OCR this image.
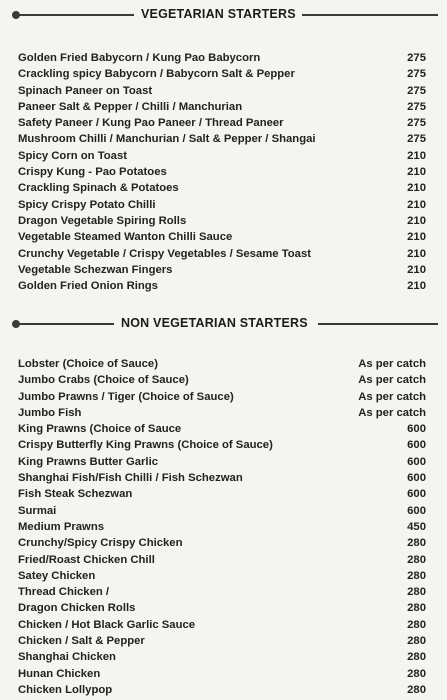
VEGETARIAN STARTERS
Golden Fried Babycorn / Kung Pao Babycorn	275
Crackling spicy Babycorn / Babycorn Salt & Pepper	275
Spinach Paneer on Toast	275
Paneer Salt & Pepper / Chilli / Manchurian	275
Safety Paneer / Kung Pao Paneer / Thread Paneer	275
Mushroom Chilli / Manchurian / Salt & Pepper / Shangai	275
Spicy Corn on Toast	210
Crispy Kung - Pao Potatoes	210
Crackling Spinach & Potatoes	210
Spicy Crispy Potato Chilli	210
Dragon Vegetable Spiring Rolls	210
Vegetable Steamed Wanton Chilli Sauce	210
Crunchy Vegetable / Crispy Vegetables / Sesame Toast	210
Vegetable Schezwan Fingers	210
Golden Fried Onion Rings	210
NON VEGETARIAN STARTERS
Lobster (Choice of Sauce)	As per catch
Jumbo Crabs (Choice of Sauce)	As per catch
Jumbo Prawns / Tiger (Choice of Sauce)	As per catch
Jumbo Fish	As per catch
King Prawns (Choice of Sauce	600
Crispy Butterfly King Prawns (Choice of Sauce)	600
King Prawns Butter Garlic	600
Shanghai Fish/Fish Chilli / Fish Schezwan	600
Fish Steak Schezwan	600
Surmai	600
Medium Prawns	450
Crunchy/Spicy Crispy Chicken	280
Fried/Roast Chicken Chill	280
Satey Chicken	280
Thread Chicken /	280
Dragon Chicken Rolls	280
Chicken / Hot Black Garlic Sauce	280
Chicken / Salt & Pepper	280
Shanghai Chicken	280
Hunan Chicken	280
Chicken Lollypop	280
